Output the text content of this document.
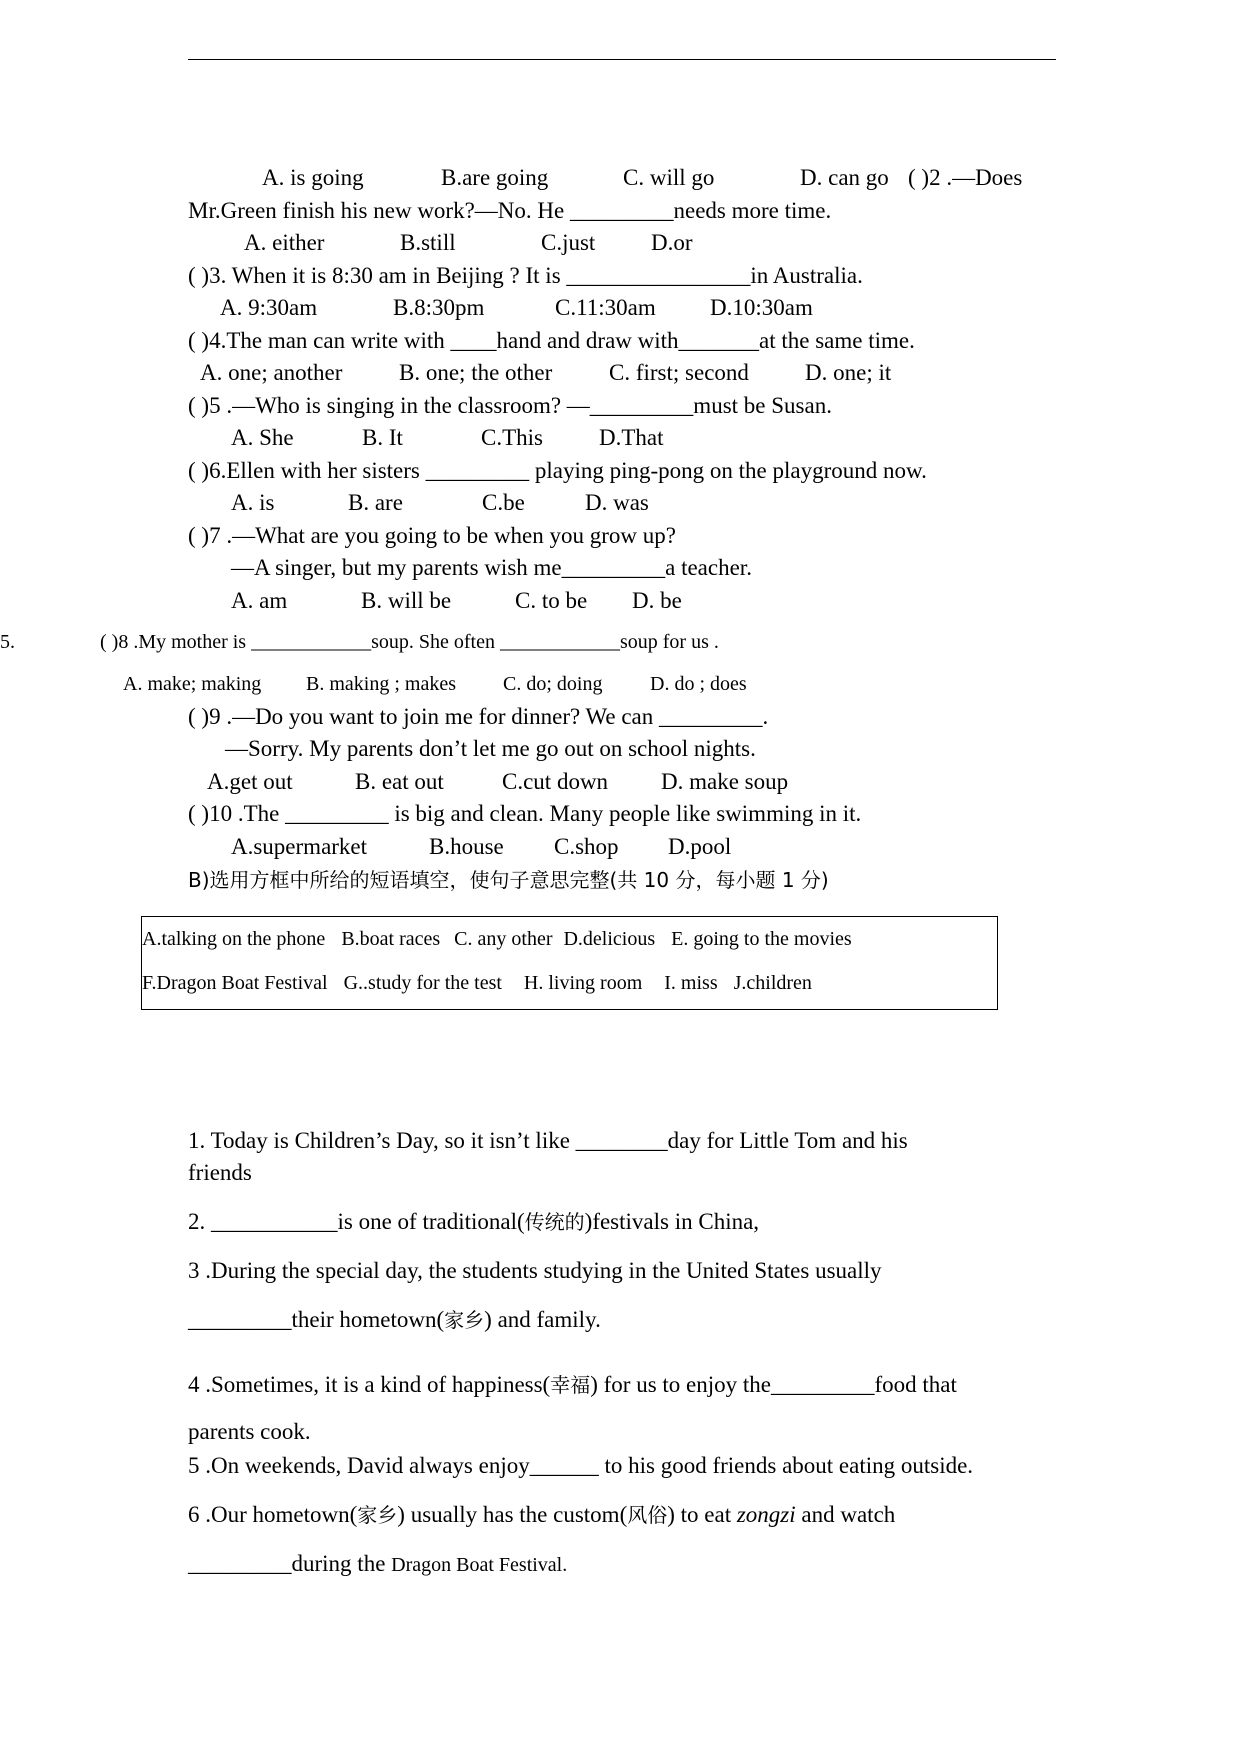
A. is going	B.are going	C. will go	D. can go ( )2 .—Does
Mr.Green finish his new work?—No. He _________needs more time.
A. either	B.still	C.just D.or
( )3. When it is 8:30 am in Beijing ? It is ________________in Australia.
A. 9:30am	B.8:30pm	C.11:30am D.10:30am
( )4.The man can write with ____hand and draw with_______at the same time.
A. one; another B. one; the other C. first; second D. one; it
( )5 .—Who is singing in the classroom? —_________must be Susan.
A. She	B. It	C.This D.That
( )6.Ellen with her sisters _________ playing ping-pong on the playground now.
A. is	B. are	C.be	D. was
( )7 .—What are you going to be when you grow up?
—A singer, but my parents wish me_________a teacher.
A. am	B. will be	C. to be D. be
5.	( )8 .My mother is ____________soup. She often ____________soup for us .
A. make; making B. making ; makes C. do; doing D. do ; does
( )9 .—Do you want to join me for dinner? We can _________.
—Sorry. My parents don’t let me go out on school nights.
A.get out	B. eat out	C.cut down D. make soup
( )10 .The _________ is big and clean. Many people like swimming in it.
A.supermarket	B.house C.shop D.pool
B)选用方框中所给的短语填空，使句子意思完整(共 10 分，每小题 1 分)
A.talking on the phone B.boat races C. any other D.delicious E. going to the movies
F.Dragon Boat Festival G..study for the test H. living room I. miss J.children
1. Today is Children’s Day, so it isn’t like ________day for Little Tom and his
friends
2. ___________is one of traditional(传统的)festivals in China,
3 .During the special day, the students studying in the United States usually
_________their hometown(家乡) and family.
4 .Sometimes, it is a kind of happiness(幸福) for us to enjoy the_________food that
parents cook.
5 .On weekends, David always enjoy______ to his good friends about eating outside.
6 .Our hometown(家乡) usually has the custom(风俗) to eat zongzi and watch
_________during the Dragon Boat Festival.
